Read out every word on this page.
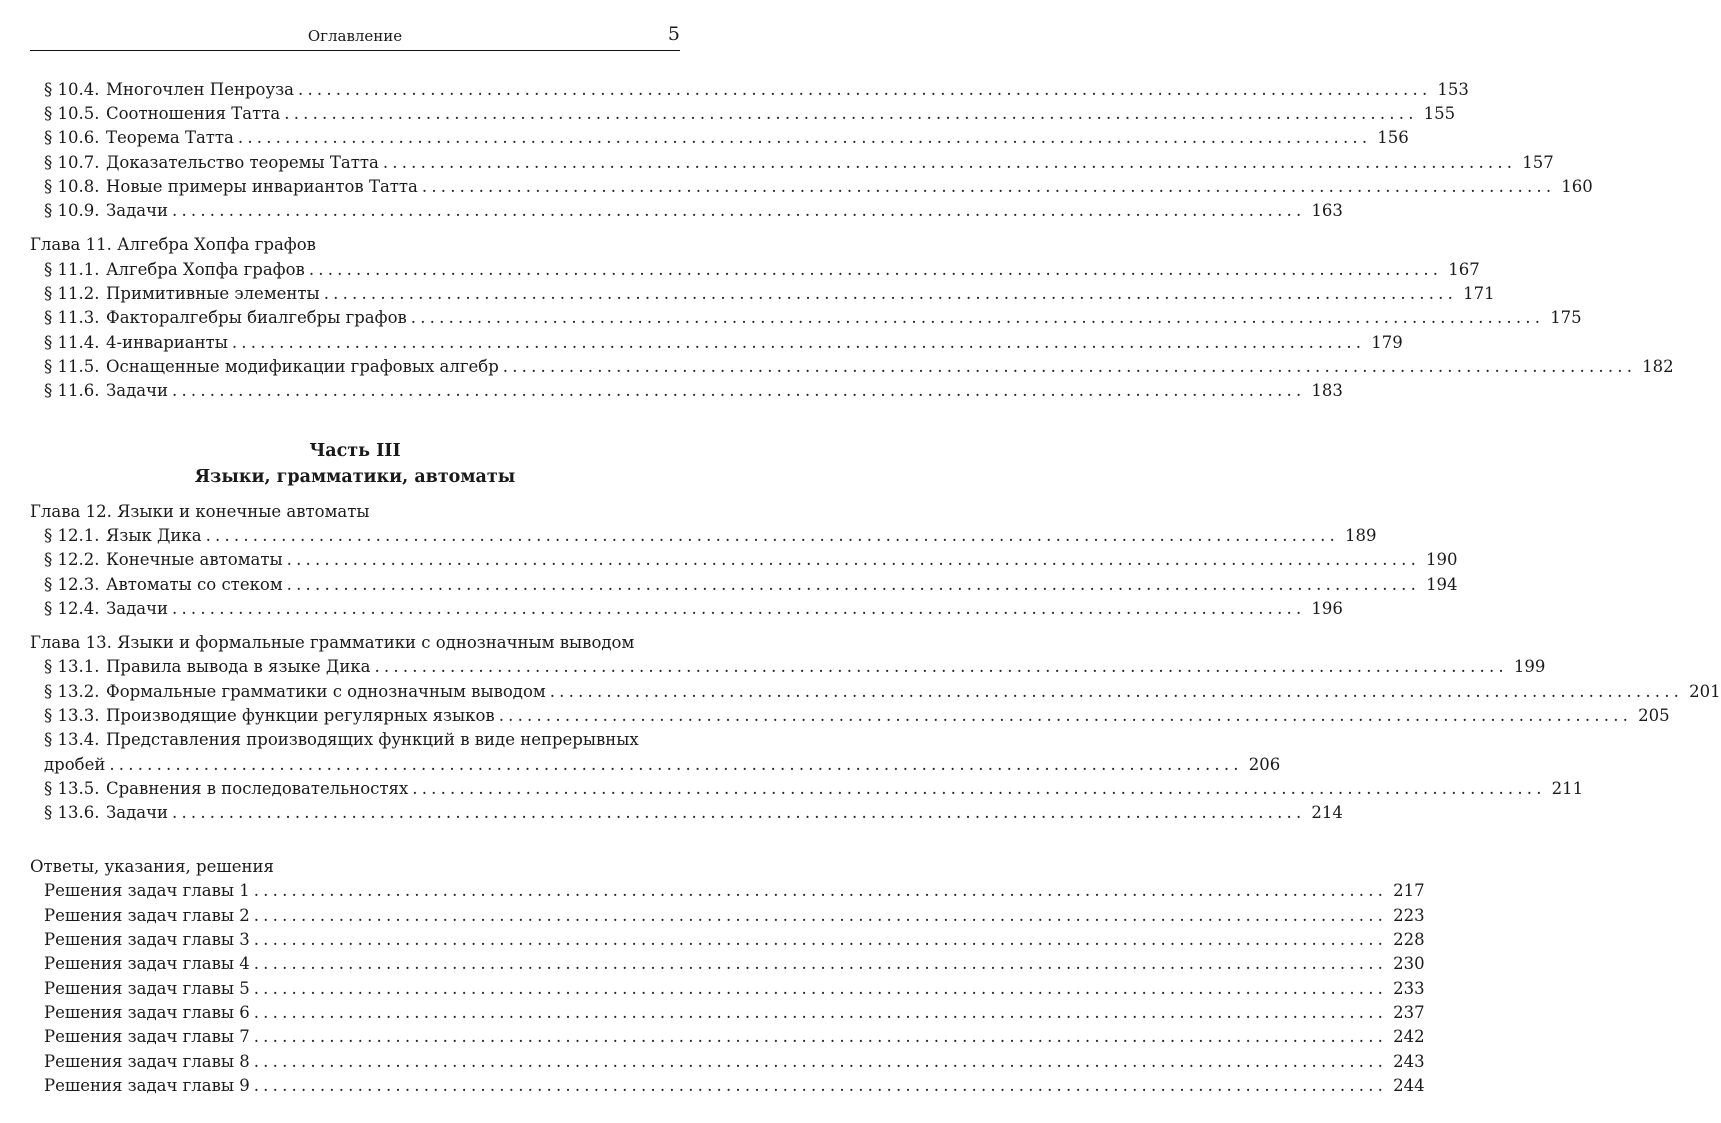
Оглавление	5
§ 10.4. Многочлен Пенроуза ........................................................................................................................ 153
§ 10.5. Соотношения Татта ........................................................................................................................ 155
§ 10.6. Теорема Татта ........................................................................................................................ 156
§ 10.7. Доказательство теоремы Татта ........................................................................................................................ 157
§ 10.8. Новые примеры инвариантов Татта ........................................................................................................................ 160
§ 10.9. Задачи ........................................................................................................................ 163
Глава 11. Алгебра Хопфа графов
§ 11.1. Алгебра Хопфа графов ........................................................................................................................ 167
§ 11.2. Примитивные элементы ........................................................................................................................ 171
§ 11.3. Факторалгебры биалгебры графов ........................................................................................................................ 175
§ 11.4. 4-инварианты ........................................................................................................................ 179
§ 11.5. Оснащенные модификации графовых алгебр ........................................................................................................................ 182
§ 11.6. Задачи ........................................................................................................................ 183
Часть III
Языки, грамматики, автоматы
Глава 12. Языки и конечные автоматы
§ 12.1. Язык Дика ........................................................................................................................ 189
§ 12.2. Конечные автоматы ........................................................................................................................ 190
§ 12.3. Автоматы со стеком ........................................................................................................................ 194
§ 12.4. Задачи ........................................................................................................................ 196
Глава 13. Языки и формальные грамматики с однозначным выводом
§ 13.1. Правила вывода в языке Дика ........................................................................................................................ 199
§ 13.2. Формальные грамматики с однозначным выводом ........................................................................................................................ 201
§ 13.3. Производящие функции регулярных языков ........................................................................................................................ 205
§ 13.4. Представления производящих функций в виде непрерывных
дробей ........................................................................................................................ 206
§ 13.5. Сравнения в последовательностях ........................................................................................................................ 211
§ 13.6. Задачи ........................................................................................................................ 214
Ответы, указания, решения
Решения задач главы 1 ........................................................................................................................ 217
Решения задач главы 2 ........................................................................................................................ 223
Решения задач главы 3 ........................................................................................................................ 228
Решения задач главы 4 ........................................................................................................................ 230
Решения задач главы 5 ........................................................................................................................ 233
Решения задач главы 6 ........................................................................................................................ 237
Решения задач главы 7 ........................................................................................................................ 242
Решения задач главы 8 ........................................................................................................................ 243
Решения задач главы 9 ........................................................................................................................ 244
